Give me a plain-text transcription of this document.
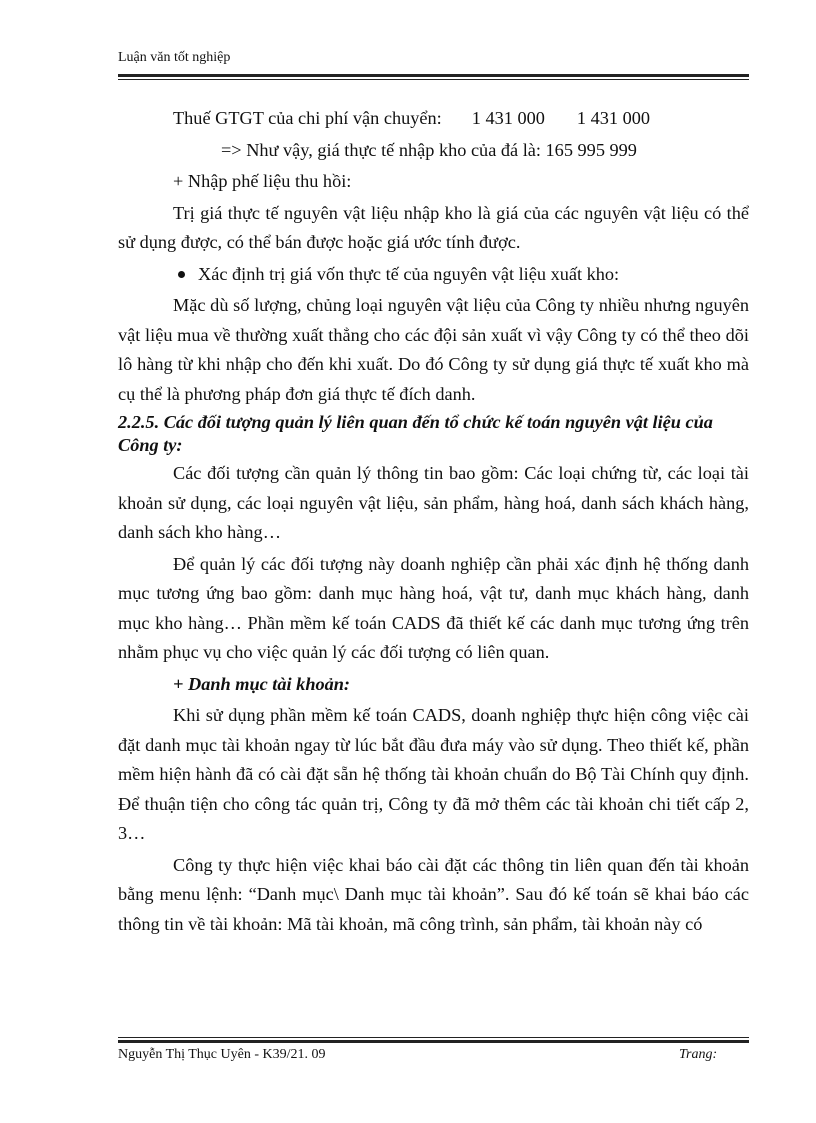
Luận văn tốt nghiệp

Thuế GTGT của chi phí vận chuyển: 1 431 000 1 431 000

=> Như vậy, giá thực tế nhập kho của đá là: 165 995 999

+ Nhập phế liệu thu hồi:

Trị giá thực tế nguyên vật liệu nhập kho là giá của các nguyên vật liệu có thể sử dụng được, có thể bán được hoặc giá ước tính được.

Xác định trị giá vốn thực tế của nguyên vật liệu xuất kho:

Mặc dù số lượng, chủng loại nguyên vật liệu của Công ty nhiều nhưng nguyên vật liệu mua về thường xuất thẳng cho các đội sản xuất vì vậy Công ty có thể theo dõi lô hàng từ khi nhập cho đến khi xuất. Do đó Công ty sử dụng giá thực tế xuất kho mà cụ thể là phương pháp đơn giá thực tế đích danh.

2.2.5. Các đối tượng quản lý liên quan đến tổ chức kế toán nguyên vật liệu của Công ty:

Các đối tượng cần quản lý thông tin bao gồm: Các loại chứng từ, các loại tài khoản sử dụng, các loại nguyên vật liệu, sản phẩm, hàng hoá, danh sách khách hàng, danh sách kho hàng…

Để quản lý các đối tượng này doanh nghiệp cần phải xác định hệ thống danh mục tương ứng bao gồm: danh mục hàng hoá, vật tư, danh mục khách hàng, danh mục kho hàng… Phần mềm kế toán CADS đã thiết kế các danh mục tương ứng trên nhằm phục vụ cho việc quản lý các đối tượng có liên quan.

+ Danh mục tài khoản:

Khi sử dụng phần mềm kế toán CADS, doanh nghiệp thực hiện công việc cài đặt danh mục tài khoản ngay từ lúc bắt đầu đưa máy vào sử dụng. Theo thiết kế, phần mềm hiện hành đã có cài đặt sẵn hệ thống tài khoản chuẩn do Bộ Tài Chính quy định. Để thuận tiện cho công tác quản trị, Công ty đã mở thêm các tài khoản chi tiết cấp 2, 3…

Công ty thực hiện việc khai báo cài đặt các thông tin liên quan đến tài khoản bằng menu lệnh: “Danh mục\ Danh mục tài khoản”. Sau đó kế toán sẽ khai báo các thông tin về tài khoản: Mã tài khoản, mã công trình, sản phẩm, tài khoản này có

Nguyễn Thị Thục Uyên - K39/21. 09	Trang:
